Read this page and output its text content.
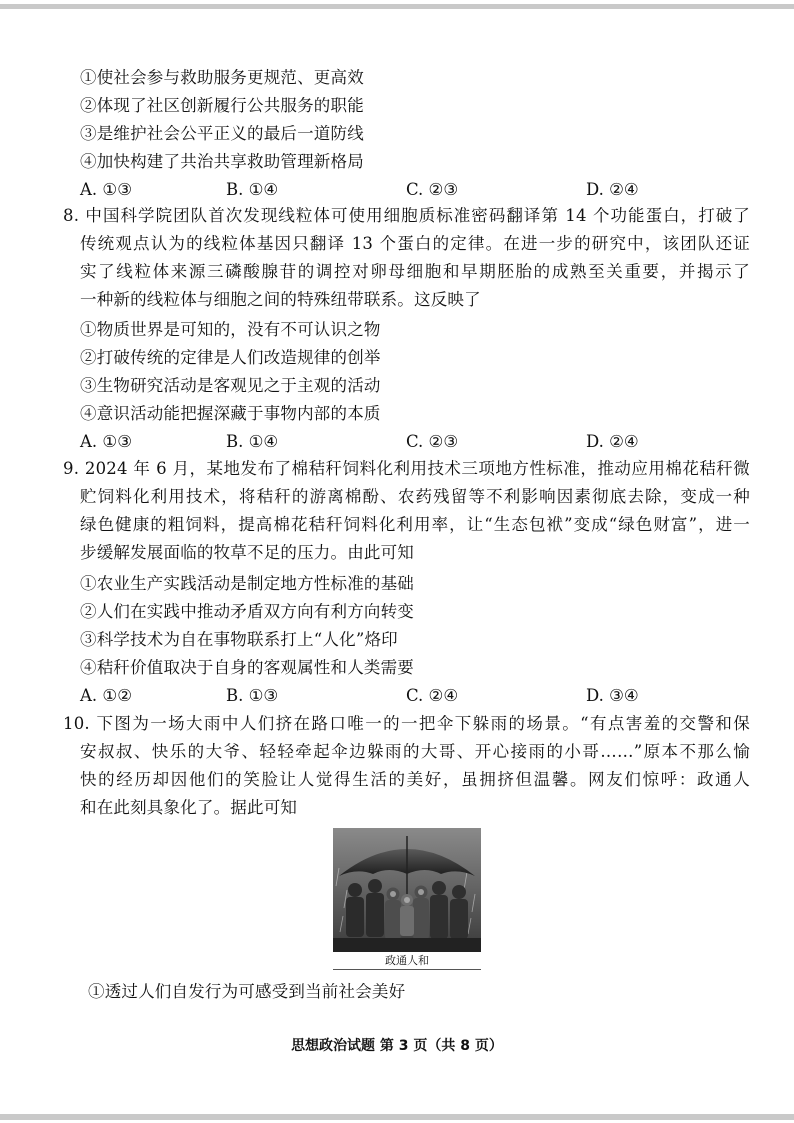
①使社会参与救助服务更规范、更高效
②体现了社区创新履行公共服务的职能
③是维护社会公平正义的最后一道防线
④加快构建了共治共享救助管理新格局
A. ①③	B. ①④	C. ②③	D. ②④
8. 中国科学院团队首次发现线粒体可使用细胞质标准密码翻译第 14 个功能蛋白，打破了
传统观点认为的线粒体基因只翻译 13 个蛋白的定律。在进一步的研究中，该团队还证
实了线粒体来源三磷酸腺苷的调控对卵母细胞和早期胚胎的成熟至关重要，并揭示了
一种新的线粒体与细胞之间的特殊纽带联系。这反映了
①物质世界是可知的，没有不可认识之物
②打破传统的定律是人们改造规律的创举
③生物研究活动是客观见之于主观的活动
④意识活动能把握深藏于事物内部的本质
A. ①③	B. ①④	C. ②③	D. ②④
9. 2024 年 6 月，某地发布了棉秸秆饲料化利用技术三项地方性标准，推动应用棉花秸秆微
贮饲料化利用技术，将秸秆的游离棉酚、农药残留等不利影响因素彻底去除，变成一种
绿色健康的粗饲料，提高棉花秸秆饲料化利用率，让“生态包袱”变成“绿色财富”，进一
步缓解发展面临的牧草不足的压力。由此可知
①农业生产实践活动是制定地方性标准的基础
②人们在实践中推动矛盾双方向有利方向转变
③科学技术为自在事物联系打上“人化”烙印
④秸秆价值取决于自身的客观属性和人类需要
A. ①②	B. ①③	C. ②④	D. ③④
10. 下图为一场大雨中人们挤在路口唯一的一把伞下躲雨的场景。“有点害羞的交警和保
安叔叔、快乐的大爷、轻轻牵起伞边躲雨的大哥、开心接雨的小哥……”原本不那么愉
快的经历却因他们的笑脸让人觉得生活的美好，虽拥挤但温馨。网友们惊呼：政通人
和在此刻具象化了。据此可知
政通人和
①透过人们自发行为可感受到当前社会美好
思想政治试题 第 3 页（共 8 页）
